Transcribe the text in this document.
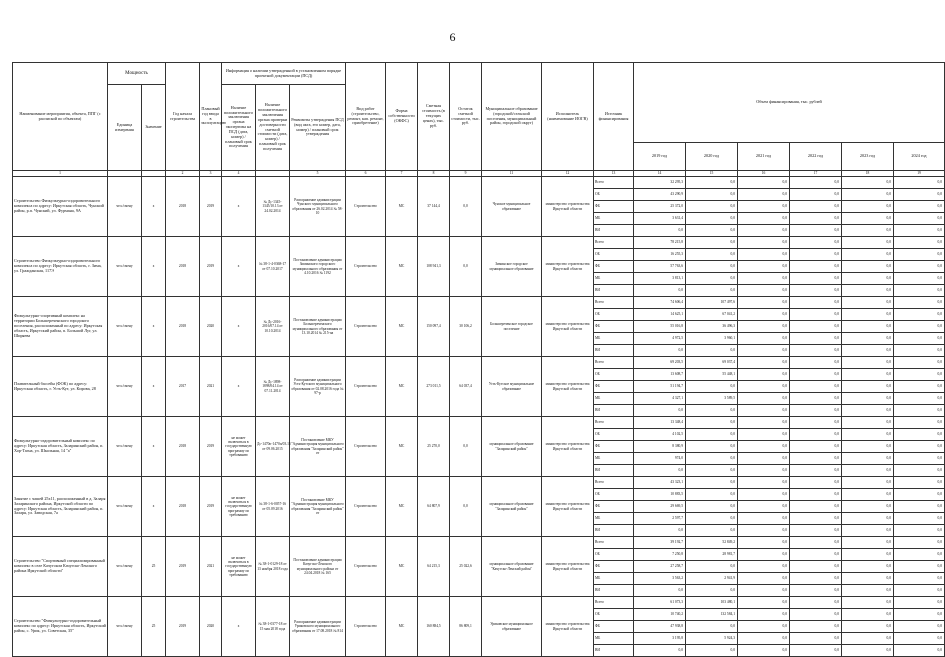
6
Наименование мероприятия, объекта, ППГ (с распиской по объектам)	Мощность		Год начала строительства	Плановый год ввода в эксплуатацию	Информация о наличии утвержденной в установленном порядке проектной документации (ПСД)			Вид работ (строительство, ремонт, кап. ремонт, приобретение)	Форма собственности (ОКФС)	Сметная стоимость (в текущих ценах), тыс. руб.	Остаток сметной стоимости, тыс. руб.	Муниципальное образование (городской/сельский поселения, муниципальный район, городской округ)	Исполнитель (наименование ИОГВ)	Источник финансирования	Объем финансирования, тыс. рублей					
	Единица измерения	Значение			Наличие положительного заключения органа экспертизы на ПСД (дата, номер) / плановый срок получения	Наличие положительного заключения органа проверки достоверности сметной стоимости (дата, номер) / плановый срок получения	Реквизиты утверждения ПСД (вид акта, его номер, дата, номер) / плановый срок утверждения													
															2019 год	2020 год	2021 год	2022 год	2023 год	2024 год
1			2	3	4		5	6	7	8	9	11	12	13	14	15	16	17	18	19
Строительство Физкультурно-оздоровительного комплекса по адресу: Иркутская область, Чунский район, р.п. Чунский, ул. Фурмана, 9А	чел./смену	x	2018	2019	x	№ Дс-1345-1345/10.13 от 24.02.2014	Распоряжение администрации Чунского муниципального образования от 26.02.2014 № 58-10	Строительство	МС	37 144,4	0,0	Чунское муниципальное образование	министерство строительства Иркутской области	Всего	32 295,3	0,0	0,0	0,0	0,0	0,0
														ОБ	43 290,9	0,0	0,0	0,0	0,0	0,0
														ФБ	25 372,0	0,0	0,0	0,0	0,0	0,0
														МБ	3 631,4	0,0	0,0	0,0	0,0	0,0
														ВИ	0,0	0,0	0,0	0,0	0,0	0,0
Строительство Физкультурно-оздоровительного комплекса по адресу: Иркутская область, г. Зима, ул. Гражданская, 117Э	чел./смену	x	2018	2019	x	№ 38-1-4-0368-17 от 07.10.2017	Постановление администрации Зиминского городского муниципального образования от 4.10.2016 № 1192	Строительство	МС	108 941,3	0,0	Зиминское городское муниципальное образование	министерство строительства Иркутской области	Всего	78 215,8	0,0	0,0	0,0	0,0	0,0
														ОБ	16 255,3	0,0	0,0	0,0	0,0	0,0
														ФБ	57 763,6	0,0	0,0	0,0	0,0	0,0
														МБ	3 813,1	0,0	0,0	0,0	0,0	0,0
														ВИ	0,0	0,0	0,0	0,0	0,0	0,0
Физкультурно-спортивный комплекс на территории Большереченского городского поселения, расположенный по адресу: Иркутская область, Иркутский район, п. Большой Луг, ул. Ширяева	чел./смену	x	2018	2020	x	№ Дс-2016-2016/07.14 от 10.10.2014	Постановление администрации Большереченского муниципального образования от 13.10.2014 № 215-па	Строительство	МС	150 097,4	30 106,2	Большереченское городское поселение	министерство строительства Иркутской области	Всего	74 606,4	107 497,6	0,0	0,0	0,0	0,0
														ОБ	14 625,1	67 041,2	0,0	0,0	0,0	0,0
														ФБ	55 016,8	36 496,3	0,0	0,0	0,0	0,0
														МБ	4 972,5	3 960,1	0,0	0,0	0,0	0,0
														ВИ	0,0	0,0	0,0	0,0	0,0	0,0
Плавательный бассейн (ФОК) по адресу: Иркутская область, г. Усть-Кут, ул. Кирова, 28	чел./смену	x	2017	2021	x	№ Дс-1898-1898/04.14 от 07.11.2014	Распоряжение администрации Усть-Кутского муниципального образования от 02.08.2016 года № 97-р	Строительство	МС	273 011,5	64 037,4	Усть-Кутское муниципальное образование	министерство строительства Иркутской области	Всего	69 203,5	69 037,4	0,0	0,0	0,0	0,0
														ОБ	13 608,7	55 448,1	0,0	0,0	0,0	0,0
														ФБ	51 194,7	0,0	0,0	0,0	0,0	0,0
														МБ	4 327,1	3 589,5	0,0	0,0	0,0	0,0
														ВИ	0,0	0,0	0,0	0,0	0,0	0,0
Физкультурно-оздоровительный комплекс по адресу: Иркутская область, Заларинский район, п. Хор-Тагна, ул. Школьная, 14 "а"	чел./смену	x	2018	2019	не может включаться в государственную программу по требованию	Дс-1470п-1470п/03.15 от 09.06.2015	Постановление МКУ "Администрация муниципального образования "Заларинский район" от	Строительство	МС	25 270,0	0,0	муниципальное образование "Заларинский район"	министерство строительства Иркутской области	Всего	13 348,4	0,0	0,0	0,0	0,0	0,0
														ОБ	4 102,5	0,0	0,0	0,0	0,0	0,0
														ФБ	8 380,9	0,0	0,0	0,0	0,0	0,0
														МБ	974,0	0,0	0,0	0,0	0,0	0,0
														ВИ	0,0	0,0	0,0	0,0	0,0	0,0
Занятие с чашей 25х11, расположенный в д. Заларя Заларинского района, Иркутской области по адресу: Иркутская область, Заларинский район, п. Заларя, ул. Заводская, 7а	чел./смену	x	2018	2019	не может включаться в государственную программу по требованию	№ 38-1-6-0057-16 от 05.09.2016	Постановление МКУ "Администрация муниципального образования "Заларинский район" от	Строительство	МС	64 807,9	0,0	муниципальное образование "Заларинский район"	министерство строительства Иркутской области	Всего	43 323,1	0,0	0,0	0,0	0,0	0,0
														ОБ	10 883,5	0,0	0,0	0,0	0,0	0,0
														ФБ	29 669,5	0,0	0,0	0,0	0,0	0,0
														МБ	2 597,7	0,0	0,0	0,0	0,0	0,0
														ВИ	0,0	0,0	0,0	0,0	0,0	0,0
Строительство "Спортивный специализированный комплекс в селе Качугском Качугско-Ленского района Иркутской области"	чел./смену	25	2019	2021	не может включаться в государственную программу по требованию	№ 38-1-0129-18 от 13 ноября 2018 года	Постановление администрации Качугско-Ленского муниципального района от 24.04.2018 № 165	Строительство	МС	64 215,3	25 022,6	муниципальное образование "Качугско-Ленский район"	министерство строительства Иркутской области	Всего	39 192,7	52 849,2	0,0	0,0	0,0	0,0
														ОБ	7 250,8	28 981,7	0,0	0,0	0,0	0,0
														ФБ	27 258,7	0,0	0,0	0,0	0,0	0,0
														МБ	3 563,2	2 941,9	0,0	0,0	0,0	0,0
														ВИ	0,0	0,0	0,0	0,0	0,0	0,0
Строительство "Физкультурно-оздоровительный комплекс по адресу: Иркутская область, Иркутский район, с. Урик, ул. Советская, 35"	чел./смену	25	2019	2020	x	№ 38-1-0377-18 от 15 мая 2018 года	Распоряжение администрации Уриковского муниципального образования от 17.08.2018 № 814	Строительство	МС	160 884,5	86 809,1	Уриковское муниципальное образование	министерство строительства Иркутской области	Всего	61 073,3	103 480,1	0,0	0,0	0,0	0,0
														ОБ	10 740,2	132 584,1	0,0	0,0	0,0	0,0
														ФБ	47 938,8	0,0	0,0	0,0	0,0	0,0
														МБ	3 195,8	5 924,3	0,0	0,0	0,0	0,0
														ВИ	0,0	0,0	0,0	0,0	0,0	0,0
